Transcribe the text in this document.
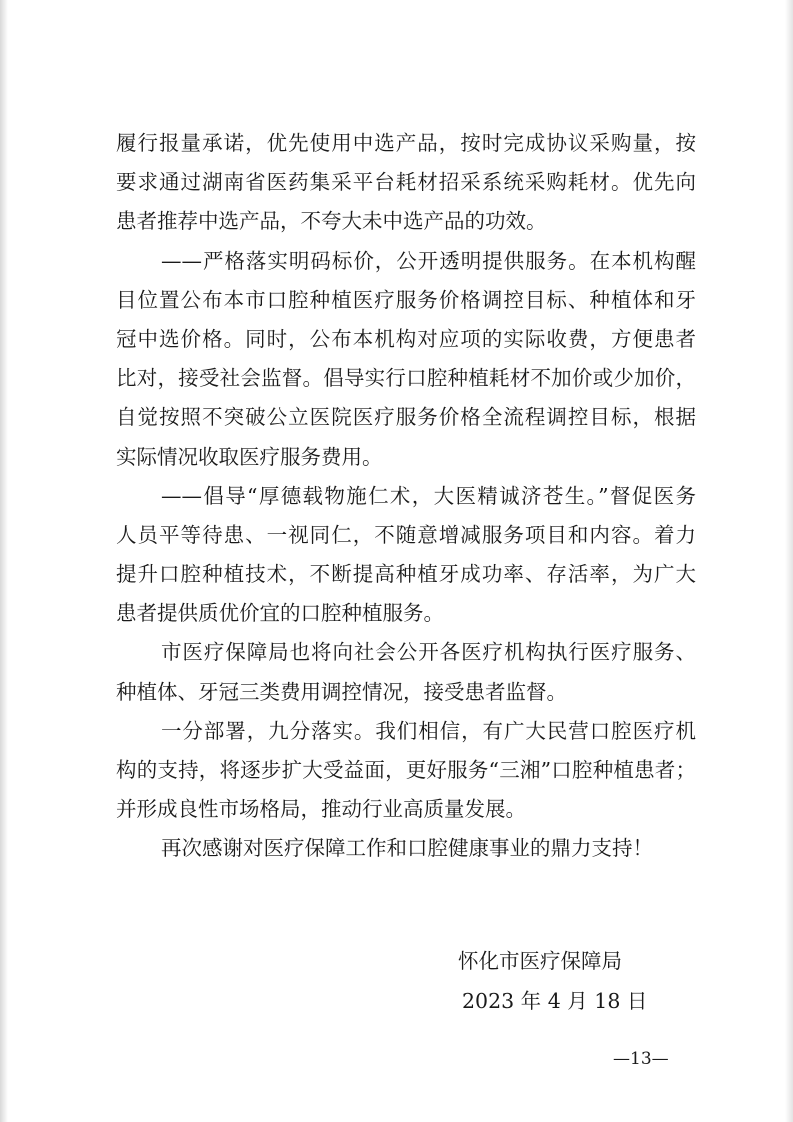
履行报量承诺，优先使用中选产品，按时完成协议采购量，按
要求通过湖南省医药集采平台耗材招采系统采购耗材。优先向
患者推荐中选产品，不夸大未中选产品的功效。
——严格落实明码标价，公开透明提供服务。在本机构醒
目位置公布本市口腔种植医疗服务价格调控目标、种植体和牙
冠中选价格。同时，公布本机构对应项的实际收费，方便患者
比对，接受社会监督。倡导实行口腔种植耗材不加价或少加价，
自觉按照不突破公立医院医疗服务价格全流程调控目标，根据
实际情况收取医疗服务费用。
——倡导“厚德载物施仁术，大医精诚济苍生。”督促医务
人员平等待患、一视同仁，不随意增减服务项目和内容。着力
提升口腔种植技术，不断提高种植牙成功率、存活率，为广大
患者提供质优价宜的口腔种植服务。
市医疗保障局也将向社会公开各医疗机构执行医疗服务、
种植体、牙冠三类费用调控情况，接受患者监督。
一分部署，九分落实。我们相信，有广大民营口腔医疗机
构的支持，将逐步扩大受益面，更好服务“三湘”口腔种植患者；
并形成良性市场格局，推动行业高质量发展。
再次感谢对医疗保障工作和口腔健康事业的鼎力支持！
怀化市医疗保障局
2023 年 4 月 18 日
—13—
